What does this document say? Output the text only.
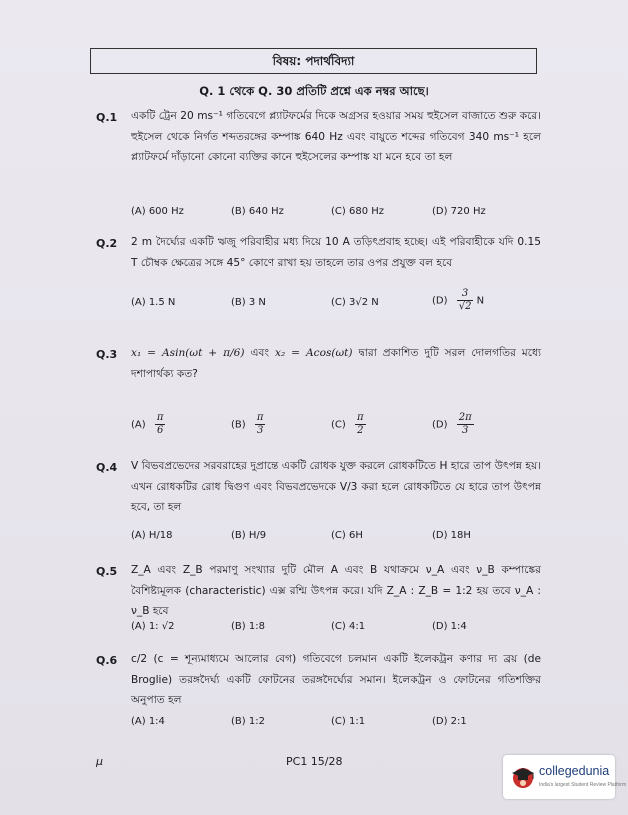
বিষয়: পদার্থবিদ্যা
Q. 1 থেকে Q. 30 প্রতিটি প্রশ্নে এক নম্বর আছে।
Q.1 একটি ট্রেন 20 ms⁻¹ গতিবেগে প্ল্যাটফর্মের দিকে অগ্রসর হওয়ার সময় হুইসেল বাজাতে শুরু করে। হুইসেল থেকে নির্গত শব্দতরঙ্গের কম্পাঙ্ক 640 Hz এবং বায়ুতে শব্দের গতিবেগ 340 ms⁻¹ হলে প্ল্যাটফর্মে দাঁড়ানো কোনো ব্যক্তির কানে হুইসেলের কম্পাঙ্ক যা মনে হবে তা হল
(A) 600 Hz	(B) 640 Hz	(C) 680 Hz	(D) 720 Hz
Q.2 2 m দৈর্ঘ্যের একটি ঋজু পরিবাহীর মধ্য দিয়ে 10 A তড়িৎপ্রবাহ হচ্ছে। এই পরিবাহীকে যদি 0.15 T চৌম্বক ক্ষেত্রের সঙ্গে 45° কোণে রাখা হয় তাহলে তার ওপর প্রযুক্ত বল হবে
(A) 1.5 N	(B) 3 N	(C) 3√2 N	$(D) \frac{3}{√2}$ N
Q.3 x₁ = Asin(ωt + π/6) এবং x₂ = Acos(ωt) দ্বারা প্রকাশিত দুটি সরল দোলগতির মধ্যে দশাপার্থক্য কত?
$(A) \frac{\pi}{6}$	$(B) \frac{\pi}{3}$	$(C) \frac{\pi}{2}$	$(D) \frac{2\pi}{3}$
Q.4 V বিভবপ্রভেদের সরবরাহের দুপ্রান্তে একটি রোধক যুক্ত করলে রোধকটিতে H হারে তাপ উৎপন্ন হয়। এখন রোধকটির রোধ দ্বিগুণ এবং বিভবপ্রভেদকে V/3 করা হলে রোধকটিতে যে হারে তাপ উৎপন্ন হবে, তা হল
(A) H/18	(B) H/9	(C) 6H	(D) 18H
Q.5 Z_A এবং Z_B পরমাণু সংখ্যার দুটি মৌল A এবং B যথাক্রমে ν_A এবং ν_B কম্পাঙ্কের বৈশিষ্ট্যমূলক (characteristic) এক্স রশ্মি উৎপন্ন করে। যদি Z_A : Z_B = 1:2 হয় তবে ν_A : ν_B হবে
(A) 1: √2	(B) 1:8	(C) 4:1	(D) 1:4
Q.6 c/2 (c = শূন্যমাধ্যমে আলোর বেগ) গতিবেগে চলমান একটি ইলেকট্রন কণার দ্য ব্রয় (de Broglie) তরঙ্গদৈর্ঘ্য একটি ফোটনের তরঙ্গদৈর্ঘ্যের সমান। ইলেকট্রন ও ফোটনের গতিশক্তির অনুপাত হল
(A) 1:4	(B) 1:2	(C) 1:1	(D) 2:1
μ	PC1 15/28
collegedunia
India's largest Student Review Platform
